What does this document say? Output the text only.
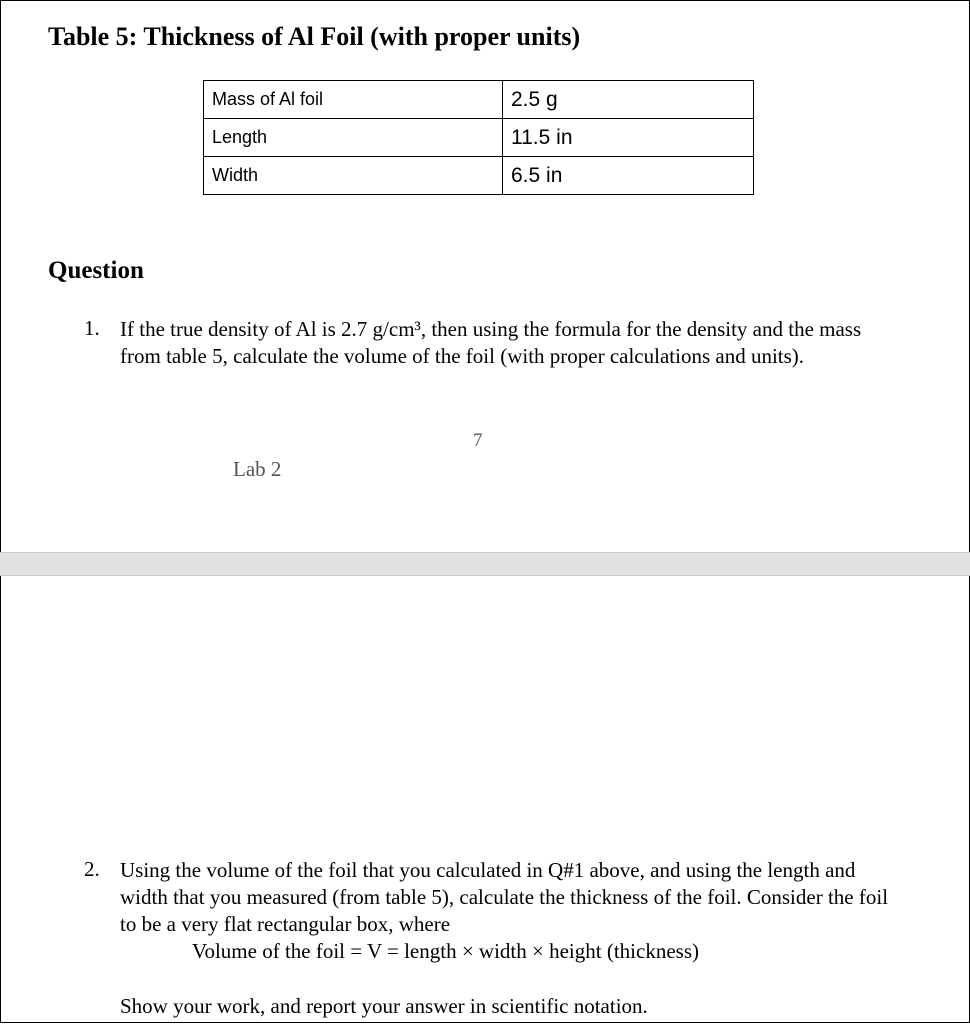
Table 5: Thickness of Al Foil (with proper units)
Mass of Al foil	2.5 g
Length	11.5 in
Width	6.5 in
Question
1. If the true density of Al is 2.7 g/cm³, then using the formula for the density and the mass from table 5, calculate the volume of the foil (with proper calculations and units).

7
Lab 2
2. Using the volume of the foil that you calculated in Q#1 above, and using the length and width that you measured (from table 5), calculate the thickness of the foil. Consider the foil to be a very flat rectangular box, where

Volume of the foil = V = length × width × height (thickness)

Show your work, and report your answer in scientific notation.
